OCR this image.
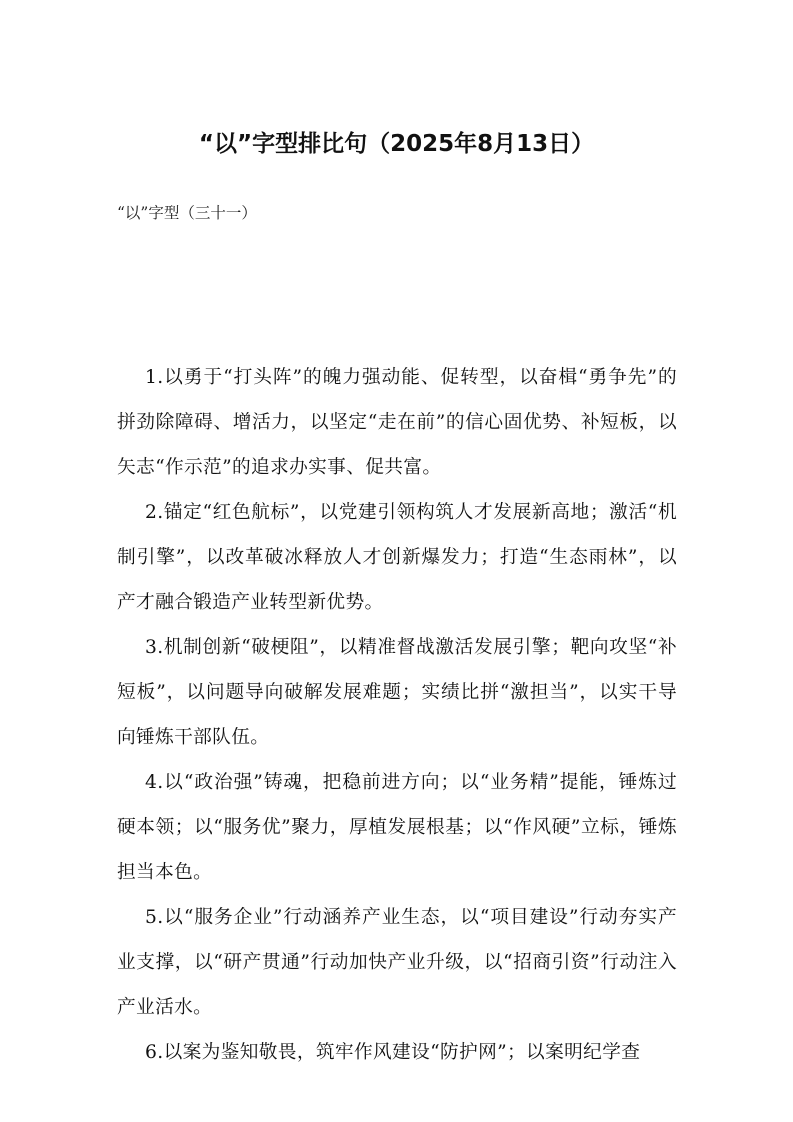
“以”字型排比句（2025年8月13日）

“以”字型（三十一）

1.以勇于“打头阵”的魄力强动能、促转型，以奋楫“勇争先”的拼劲除障碍、增活力，以坚定“走在前”的信心固优势、补短板，以矢志“作示范”的追求办实事、促共富。

2.锚定“红色航标”，以党建引领构筑人才发展新高地；激活“机制引擎”，以改革破冰释放人才创新爆发力；打造“生态雨林”，以产才融合锻造产业转型新优势。

3.机制创新“破梗阻”，以精准督战激活发展引擎；靶向攻坚“补短板”，以问题导向破解发展难题；实绩比拼“激担当”，以实干导向锤炼干部队伍。

4.以“政治强”铸魂，把稳前进方向；以“业务精”提能，锤炼过硬本领；以“服务优”聚力，厚植发展根基；以“作风硬”立标，锤炼担当本色。

5.以“服务企业”行动涵养产业生态，以“项目建设”行动夯实产业支撑，以“研产贯通”行动加快产业升级，以“招商引资”行动注入产业活水。

6.以案为鉴知敬畏，筑牢作风建设“防护网”；以案明纪学查
